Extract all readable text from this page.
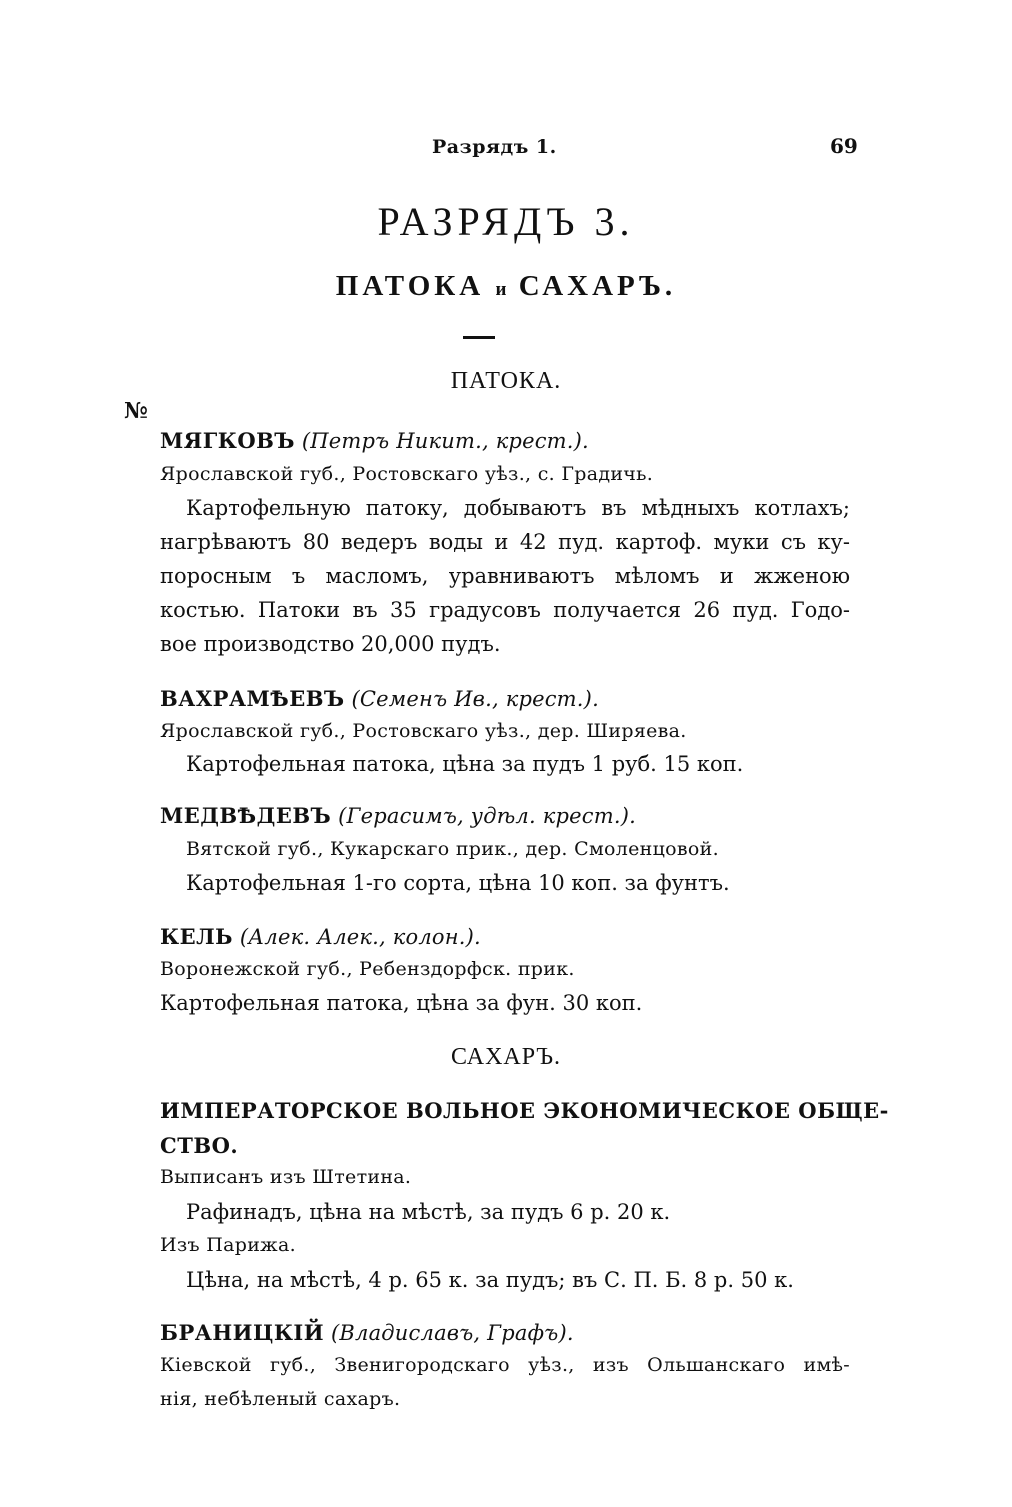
Разрядъ 1.	69
РАЗРЯДЪ 3.
ПАТОКА и САХАРЪ.
ПАТОКА.
№
МЯГКОВЪ (Петръ Никит., крест.).
Ярославской губ., Ростовскаго уѣз., с. Градичь.
Картофельную патоку, добываютъ въ мѣдныхъ котлахъ;
нагрѣваютъ 80 ведеръ воды и 42 пуд. картоф. муки съ ку-
поросным ъ масломъ, уравниваютъ мѣломъ и жженою
костью. Патоки въ 35 градусовъ получается 26 пуд. Годо-
вое производство 20,000 пудъ.
ВАХРАМѢЕВЪ (Семенъ Ив., крест.).
Ярославской губ., Ростовскаго уѣз., дер. Ширяева.
Картофельная патока, цѣна за пудъ 1 руб. 15 коп.
МЕДВѢДЕВЪ (Герасимъ, удѣл. крест.).
Вятской губ., Кукарскаго прик., дер. Смоленцовой.
Картофельная 1-го сорта, цѣна 10 коп. за фунтъ.
КЕЛЬ (Алек. Алек., колон.).
Воронежской губ., Ребенздорфск. прик.
Картофельная патока, цѣна за фун. 30 коп.
САХАРЪ.
ИМПЕРАТОРСКОЕ ВОЛЬНОЕ ЭКОНОМИЧЕСКОЕ ОБЩЕ-
СТВО.
Выписанъ изъ Штетина.
Рафинадъ, цѣна на мѣстѣ, за пудъ 6 р. 20 к.
Изъ Парижа.
Цѣна, на мѣстѣ, 4 р. 65 к. за пудъ; въ С. П. Б. 8 р. 50 к.
БРАНИЦКІЙ (Владиславъ, Графъ).
Кіевской губ., Звенигородскаго уѣз., изъ Ольшанскаго имѣ-
нія, небѣленый сахаръ.
